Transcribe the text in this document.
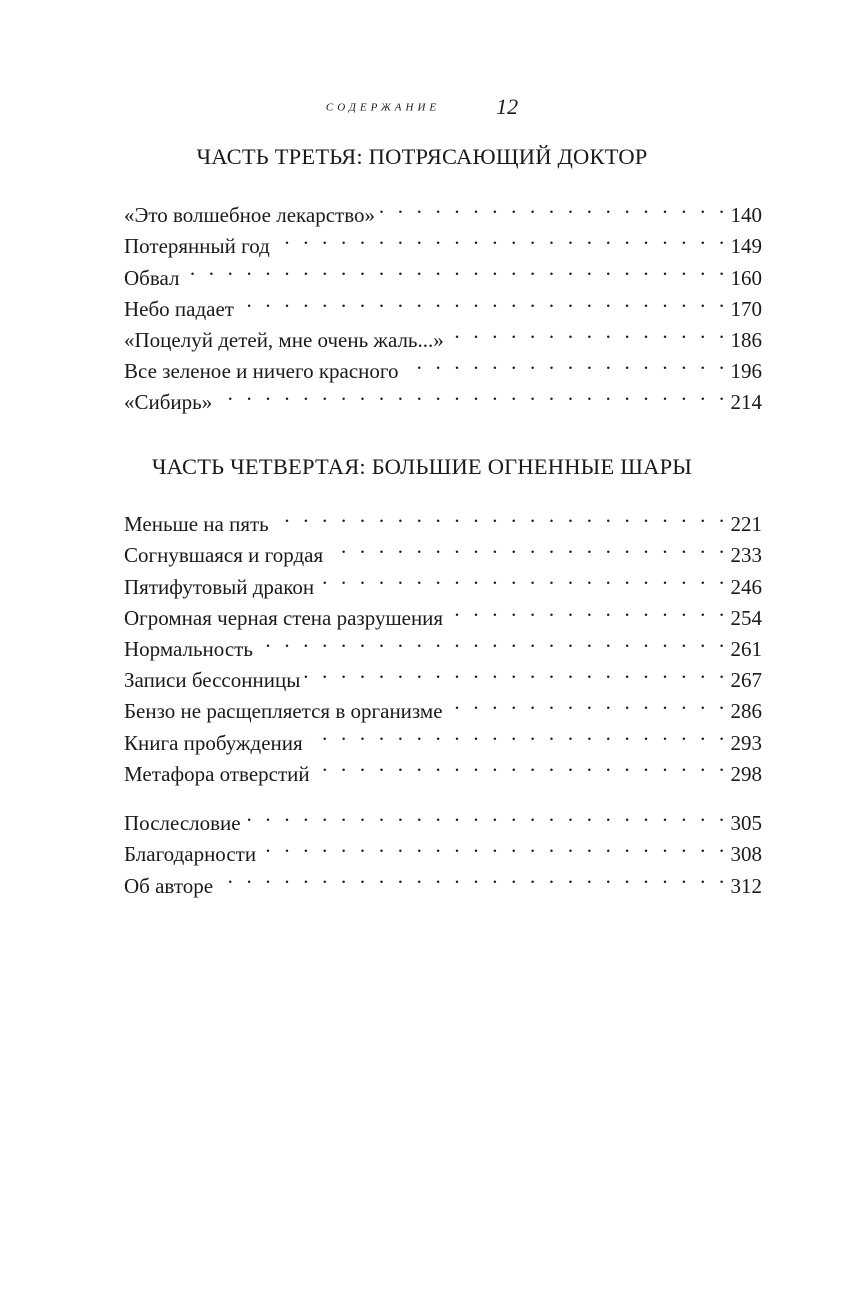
содержание	12
ЧАСТЬ ТРЕТЬЯ: ПОТРЯСАЮЩИЙ ДОКТОР
«Это волшебное лекарство» . . .	140
Потерянный год . . .	149
Обвал . . .	160
Небо падает . . .	170
«Поцелуй детей, мне очень жаль...» . . .	186
Все зеленое и ничего красного . . .	196
«Сибирь» . . .	214
ЧАСТЬ ЧЕТВЕРТАЯ: БОЛЬШИЕ ОГНЕННЫЕ ШАРЫ
Меньше на пять . . .	221
Согнувшаяся и гордая . . .	233
Пятифутовый дракон . . .	246
Огромная черная стена разрушения . . .	254
Нормальность . . .	261
Записи бессонницы . . .	267
Бензо не расщепляется в организме . . .	286
Книга пробуждения . . .	293
Метафора отверстий . . .	298
Послесловие . . .	305
Благодарности . . .	308
Об авторе . . .	312
